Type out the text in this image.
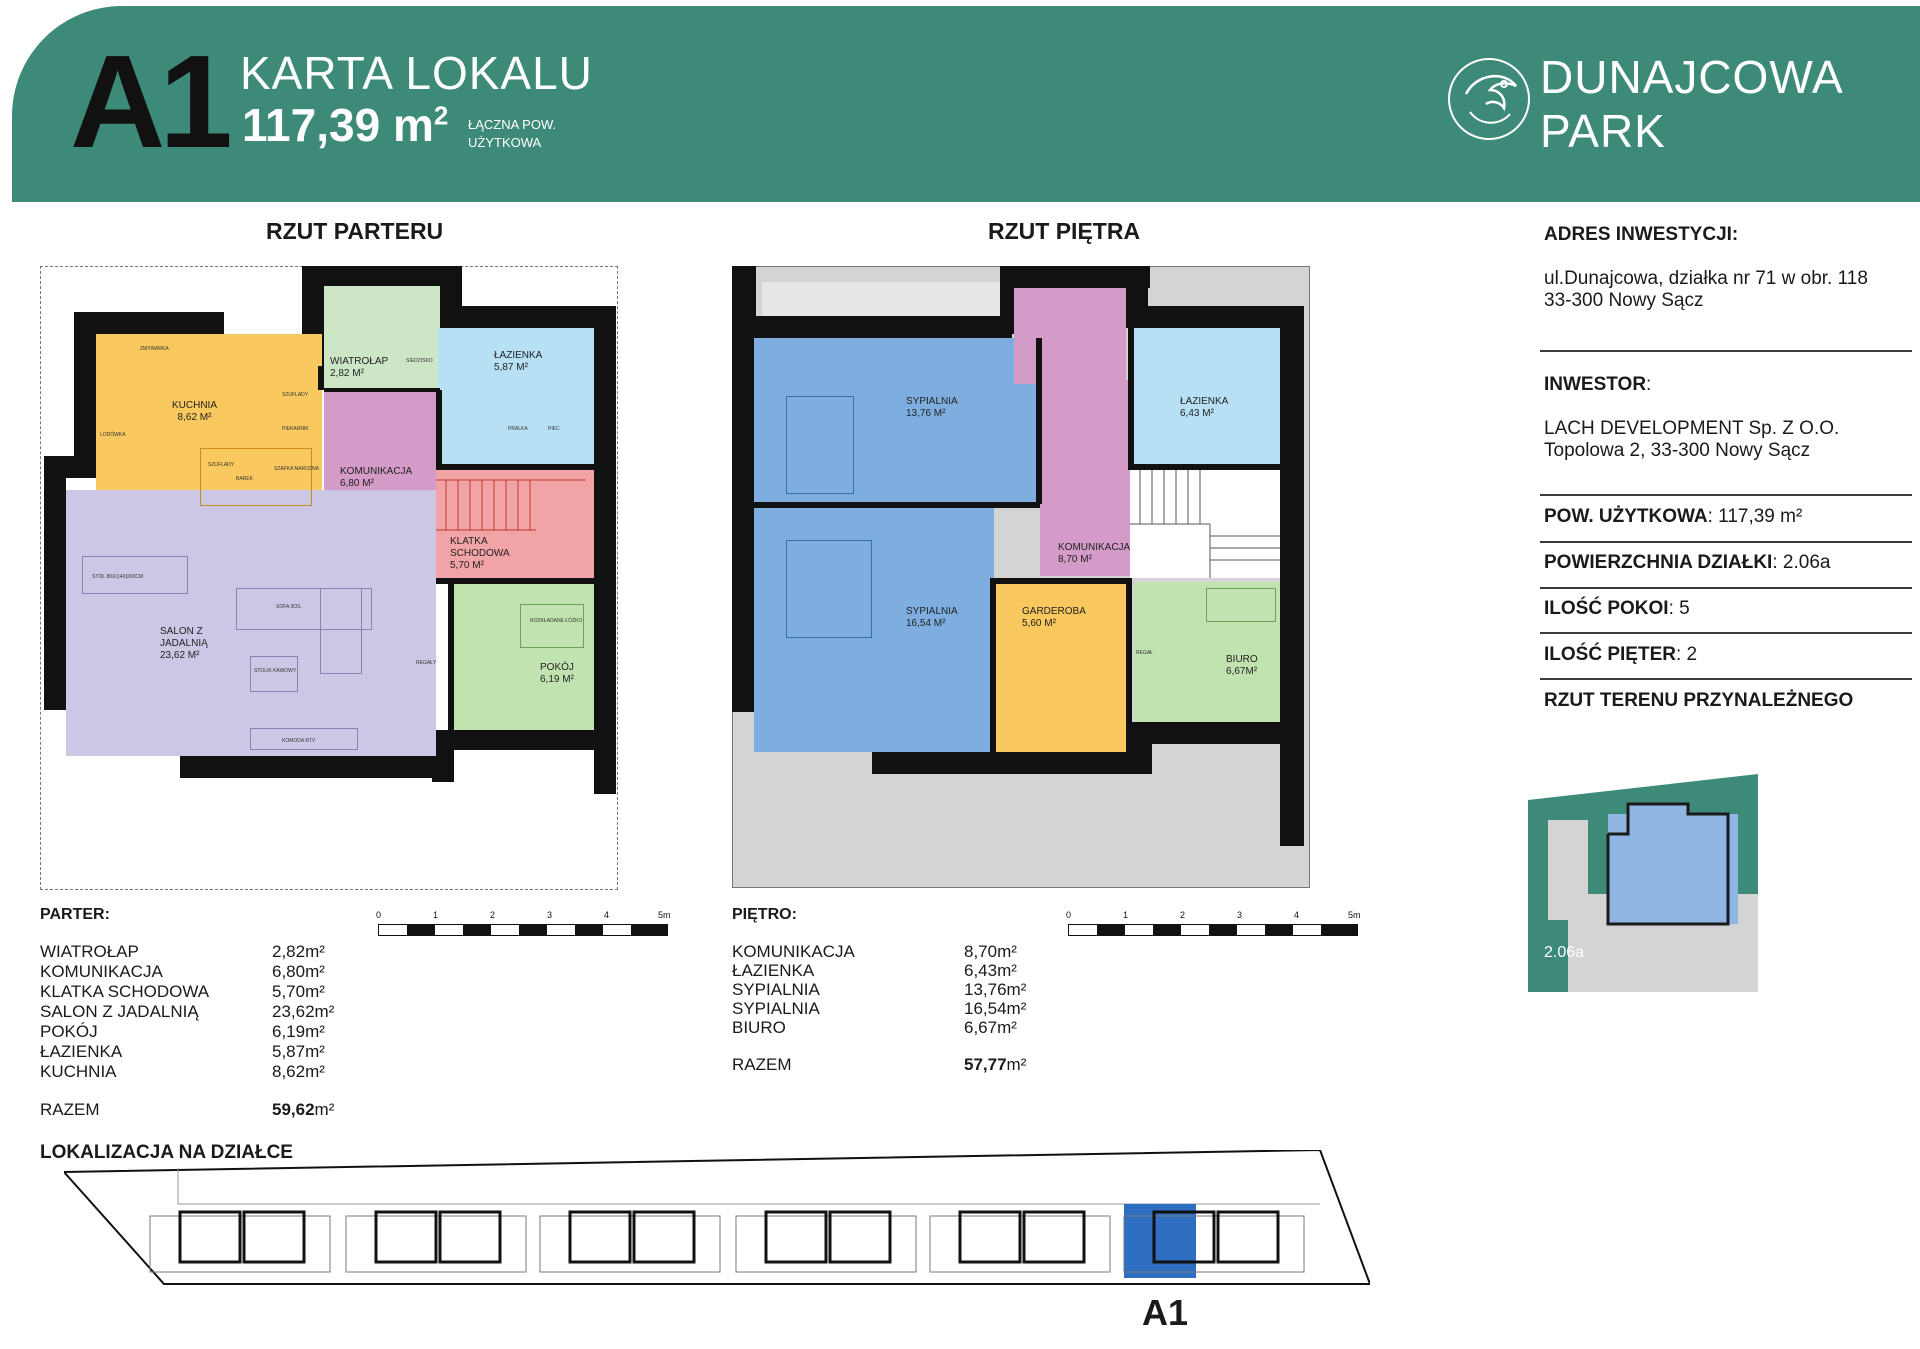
A1 KARTA LOKALU
117,39 $m^2$ ŁĄCZNA POW.
UŻYTKOWA
DUNAJCOWA
PARK
RZUT PARTERU
KUCHNIA
8,62 M²
WIATROŁAP
2,82 M²
ŁAZIENKA
5,87 M²
KOMUNIKACJA
6,80 M²
KLATKA
SCHODOWA
5,70 M²
SALON Z
JADALNIĄ
23,62 M²
POKÓJ
6,19 M²
ZMYWARKA
SZUFLADY
PIEKARNIK
SZAFKA NAROŻNA
SZUFLADY
BAREK
LODÓWKA
SIEDZISKO
PRALKA	PIEC
STÓŁ 80X(140)200CM
SOFA 3OS.
STOLIK KAWOWY
KOMODA RTV
REGAŁY
ROZKŁADANE ŁÓŻKO
RZUT PIĘTRA
SYPIALNIA
13,76 M²
ŁAZIENKA
6,43 M²
KOMUNIKACJA
8,70 M²
SYPIALNIA
16,54 M²
GARDEROBA
5,60 M²
BIURO
6,67M²
REGAŁ
PARTER:
WIATROŁAP	2,82m²
KOMUNIKACJA	6,80m²
KLATKA SCHODOWA	5,70m²
SALON Z JADALNIĄ	23,62m²
POKÓJ	6,19m²
ŁAZIENKA	5,87m²
KUCHNIA	8,62m²
RAZEM	59,62m²
0	1	2	3	4	5m	PIĘTRO:
KOMUNIKACJA	8,70m²
ŁAZIENKA	6,43m²
SYPIALNIA	13,76m²
SYPIALNIA	16,54m²
BIURO	6,67m²
RAZEM	57,77m²
0	1	2	3	4	5m
ADRES INWESTYCJI:
ul.Dunajcowa, działka nr 71 w obr. 118
33-300 Nowy Sącz
INWESTOR:
LACH DEVELOPMENT Sp. Z O.O.
Topolowa 2, 33-300 Nowy Sącz
POW. UŻYTKOWA: 117,39 m²
POWIERZCHNIA DZIAŁKI: 2.06a
ILOŚĆ POKOI: 5
ILOŚĆ PIĘTER: 2
RZUT TERENU PRZYNALEŻNEGO
2.06a
LOKALIZACJA NA DZIAŁCE
A1
